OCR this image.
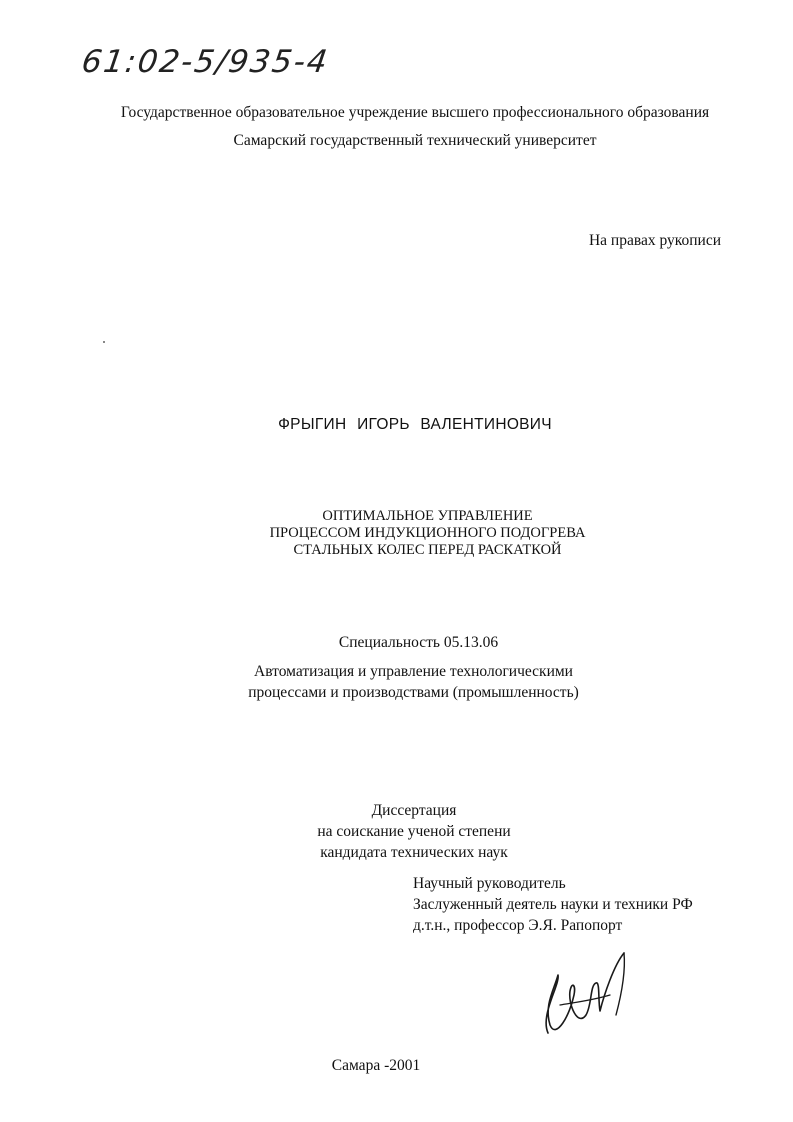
61:02-5/935-4
Государственное образовательное учреждение высшего профессионального образования
Самарский государственный технический университет
На правах рукописи
ФРЫГИН ИГОРЬ ВАЛЕНТИНОВИЧ
ОПТИМАЛЬНОЕ УПРАВЛЕНИЕ
ПРОЦЕССОМ ИНДУКЦИОННОГО ПОДОГРЕВА
СТАЛЬНЫХ КОЛЕС ПЕРЕД РАСКАТКОЙ
Специальность 05.13.06
Автоматизация и управление технологическими
процессами и производствами (промышленность)
Диссертация
на соискание ученой степени
кандидата технических наук
Научный руководитель
Заслуженный деятель науки и техники РФ
д.т.н., профессор Э.Я. Рапопорт
Самара -2001
